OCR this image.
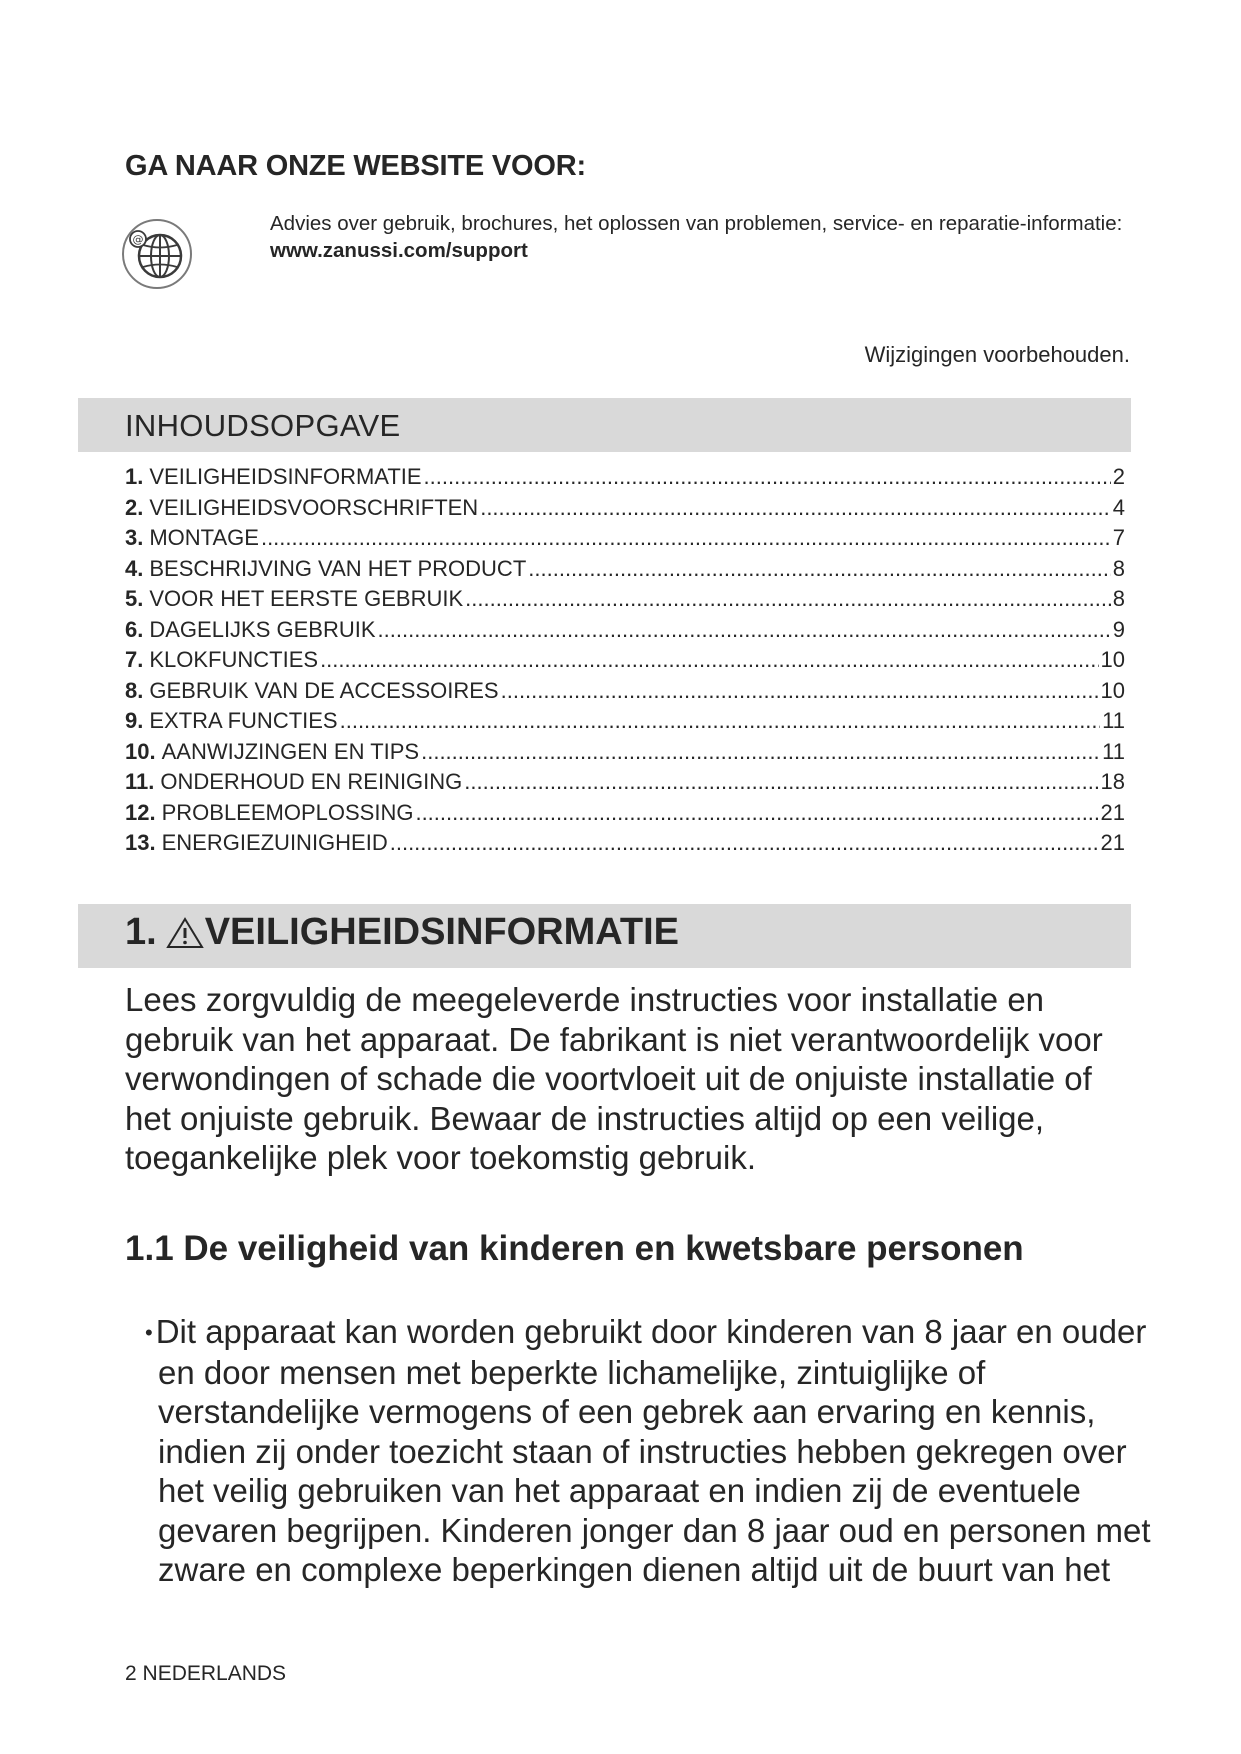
GA NAAR ONZE WEBSITE VOOR:
@
Advies over gebruik, brochures, het oplossen van problemen, service- en reparatie-informatie:
www.zanussi.com/support
Wijzigingen voorbehouden.
INHOUDSOPGAVE
1. VEILIGHEIDSINFORMATIE .....	2
2. VEILIGHEIDSVOORSCHRIFTEN .....	4
3. MONTAGE .....	7
4. BESCHRIJVING VAN HET PRODUCT .....	8
5. VOOR HET EERSTE GEBRUIK .....	8
6. DAGELIJKS GEBRUIK .....	9
7. KLOKFUNCTIES .....	10
8. GEBRUIK VAN DE ACCESSOIRES .....	10
9. EXTRA FUNCTIES .....	11
10. AANWIJZINGEN EN TIPS .....	11
11. ONDERHOUD EN REINIGING .....	18
12. PROBLEEMOPLOSSING .....	21
13. ENERGIEZUINIGHEID .....	21
1. VEILIGHEIDSINFORMATIE

Lees zorgvuldig de meegeleverde instructies voor installatie en gebruik van het apparaat. De fabrikant is niet verantwoordelijk voor verwondingen of schade die voortvloeit uit de onjuiste installatie of het onjuiste gebruik. Bewaar de instructies altijd op een veilige, toegankelijke plek voor toekomstig gebruik.

1.1 De veiligheid van kinderen en kwetsbare personen

•Dit apparaat kan worden gebruikt door kinderen van 8 jaar en ouder en door mensen met beperkte lichamelijke, zintuiglijke of verstandelijke vermogens of een gebrek aan ervaring en kennis, indien zij onder toezicht staan of instructies hebben gekregen over het veilig gebruiken van het apparaat en indien zij de eventuele gevaren begrijpen. Kinderen jonger dan 8 jaar oud en personen met zware en complexe beperkingen dienen altijd uit de buurt van het

2 NEDERLANDS
